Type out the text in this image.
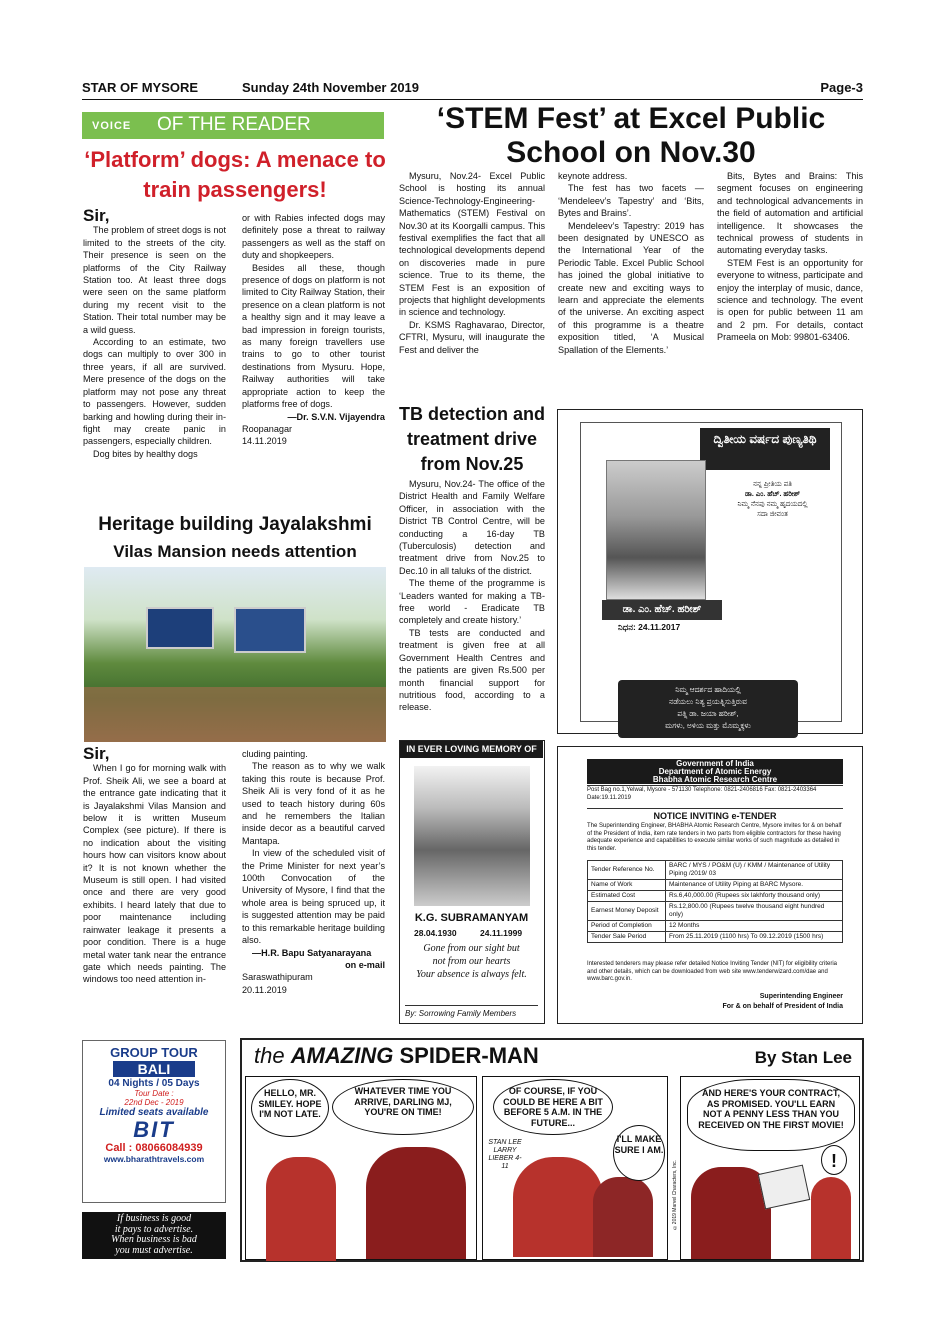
STAR OF MYSORE	Sunday 24th November 2019	Page-3
VOICE OF THE READER
‘Platform’ dogs: A menace to train passengers!

Sir,

The problem of street dogs is not limited to the streets of the city. Their presence is seen on the platforms of the City Railway Station too. At least three dogs were seen on the same platform during my recent visit to the Station. Their total number may be a wild guess.

According to an estimate, two dogs can multiply to over 300 in three years, if all are survived. Mere presence of the dogs on the platform may not pose any threat to passengers. However, sudden barking and howling during their in-fight may create panic in passengers, especially children.

Dog bites by healthy dogs

or with Rabies infected dogs may definitely pose a threat to railway passengers as well as the staff on duty and shopkeepers.

Besides all these, though presence of dogs on platform is not limited to City Railway Station, their presence on a clean platform is not a healthy sign and it may leave a bad impression in foreign tourists, as many foreign travellers use trains to go to other tourist destinations from Mysuru. Hope, Railway authorities will take appropriate action to keep the platforms free of dogs.

—Dr. S.V.N. Vijayendra

Roopanagar

14.11.2019

Heritage building Jayalakshmi
Vilas Mansion needs attention

Sir,

When I go for morning walk with Prof. Sheik Ali, we see a board at the entrance gate indicating that it is Jayalakshmi Vilas Mansion and below it is written Museum Complex (see picture). If there is no indication about the visiting hours how can visitors know about it? It is not known whether the Museum is still open. I had visited once and there are very good exhibits. I heard lately that due to poor maintenance including rainwater leakage it presents a poor condition. There is a huge metal water tank near the entrance gate which needs painting. The windows too need attention in-

cluding painting.

The reason as to why we walk taking this route is because Prof. Sheik Ali is very fond of it as he used to teach history during 60s and he remembers the Italian inside decor as a beautiful carved Mantapa.

In view of the scheduled visit of the Prime Minister for next year’s 100th Convocation of the University of Mysore, I find that the whole area is being spruced up, it is suggested attention may be paid to this remarkable heritage building also.

—H.R. Bapu Satyanarayana

on e-mail

Saraswathipuram

20.11.2019

‘STEM Fest’ at Excel Public School on Nov.30

Mysuru, Nov.24- Excel Public School is hosting its annual Science-Technology-Engineering-Mathematics (STEM) Festival on Nov.30 at its Koorgalli campus. This festival exemplifies the fact that all technological developments depend on discoveries made in pure science. True to its theme, the STEM Fest is an exposition of projects that highlight developments in science and technology.

Dr. KSMS Raghavarao, Director, CFTRI, Mysuru, will inaugurate the Fest and deliver the

keynote address.

The fest has two facets — ‘Mendeleev’s Tapestry’ and ‘Bits, Bytes and Brains’.

Mendeleev’s Tapestry: 2019 has been designated by UNESCO as the International Year of the Periodic Table. Excel Public School has joined the global initiative to create new and exciting ways to learn and appreciate the elements of the universe. An exciting aspect of this programme is a theatre exposition titled, ‘A Musical Spallation of the Elements.’

Bits, Bytes and Brains: This segment focuses on engineering and technological advancements in the field of automation and artificial intelligence. It showcases the technical prowess of students in automating everyday tasks.

STEM Fest is an opportunity for everyone to witness, participate and enjoy the interplay of music, dance, science and technology. The event is open for public between 11 am and 2 pm. For details, contact Prameela on Mob: 99801-63406.

TB detection and treatment drive from Nov.25

Mysuru, Nov.24- The office of the District Health and Family Welfare Officer, in association with the District TB Control Centre, will be conducting a 16-day TB (Tuberculosis) detection and treatment drive from Nov.25 to Dec.10 in all taluks of the district.

The theme of the programme is ‘Leaders wanted for making a TB-free world - Eradicate TB completely and create history.’

TB tests are conducted and treatment is given free at all Government Health Centres and the patients are given Rs.500 per month financial support for nutritious food, according to a release.

ದ್ವಿತೀಯ ವರ್ಷದ ಪುಣ್ಯತಿಥಿ
ನನ್ನ ಪ್ರೀತಿಯ ಪತಿ
ಡಾ. ಎಂ. ಹೆಚ್. ಹರೀಶ್
ನಿಮ್ಮ ನೆನಪು ನಮ್ಮ ಹೃದಯದಲ್ಲಿ
ಸದಾ ಜೀವಂತ
ಡಾ. ಎಂ. ಹೆಚ್. ಹರೀಶ್
ನಿಧನ: 24.11.2017
ನಿಮ್ಮ ಆದರ್ಶದ ಹಾದಿಯಲ್ಲಿ
ನಡೆಯಲು ನಿತ್ಯ ಪ್ರಯತ್ನಿಸುತ್ತಿರುವ
ಪತ್ನಿ ಡಾ. ಜಯಾ ಹರೀಶ್,
ಮಗಳು, ಅಳಿಯ ಮತ್ತು ಮೊಮ್ಮಕ್ಕಳು
IN EVER LOVING MEMORY OF
K.G. SUBRAMANYAM
28.04.1930	24.11.1999
Gone from our sight but
not from our hearts
Your absence is always felt.
By: Sorrowing Family Members
Post Bag no.1,Yelwal, Mysore - 571130 Telephone: 0821-2406816 Fax: 0821-2403364
Date:19.11.2019
Government of India
Department of Atomic Energy
Bhabha Atomic Research Centre
NOTICE INVITING e-TENDER
The Superintending Engineer, BHABHA Atomic Research Centre, Mysore invites for & on behalf of the President of India, item rate tenders in two parts from eligible contractors for these having adequate experience and capabilities to execute similar works of such magnitude as detailed in this tender.
Tender Reference No.	BARC / MYS / PO&M (U) / KMM / Maintenance of Utility Piping /2019/ 03
Name of Work	Maintenance of Utility Piping at BARC Mysore.
Estimated Cost	Rs.6,40,000.00 (Rupees six lakhforty thousand only)
Earnest Money Deposit	Rs.12,800.00 (Rupees twelve thousand eight hundred only)
Period of Completion	12 Months
Tender Sale Period	From 25.11.2019 (1100 hrs) To 09.12.2019 (1500 hrs)
Interested tenderers may please refer detailed Notice Inviting Tender (NIT) for eligibility criteria and other details, which can be downloaded from web site www.tenderwizard.com/dae and www.barc.gov.in.
Superintending Engineer
For & on behalf of President of India
GROUP TOUR
BALI
04 Nights / 05 Days
Tour Date :
22nd Dec - 2019
Limited seats available
BIT
Call : 08066084939
www.bharathtravels.com
If business is good
it pays to advertise.
When business is bad
you must advertise.
the AMAZING SPIDER-MAN	By Stan Lee
HELLO, MR. SMILEY. HOPE I'M NOT LATE.
WHATEVER TIME YOU ARRIVE, DARLING MJ, YOU'RE ON TIME!
OF COURSE, IF YOU COULD BE HERE A BIT BEFORE 5 A.M. IN THE FUTURE...
I'LL MAKE SURE I AM.
STAN LEE LARRY LIEBER 4-11	©2019 Marvel Characters, Inc.
AND HERE'S YOUR CONTRACT, AS PROMISED. YOU'LL EARN NOT A PENNY LESS THAN YOU RECEIVED ON THE FIRST MOVIE!
!
